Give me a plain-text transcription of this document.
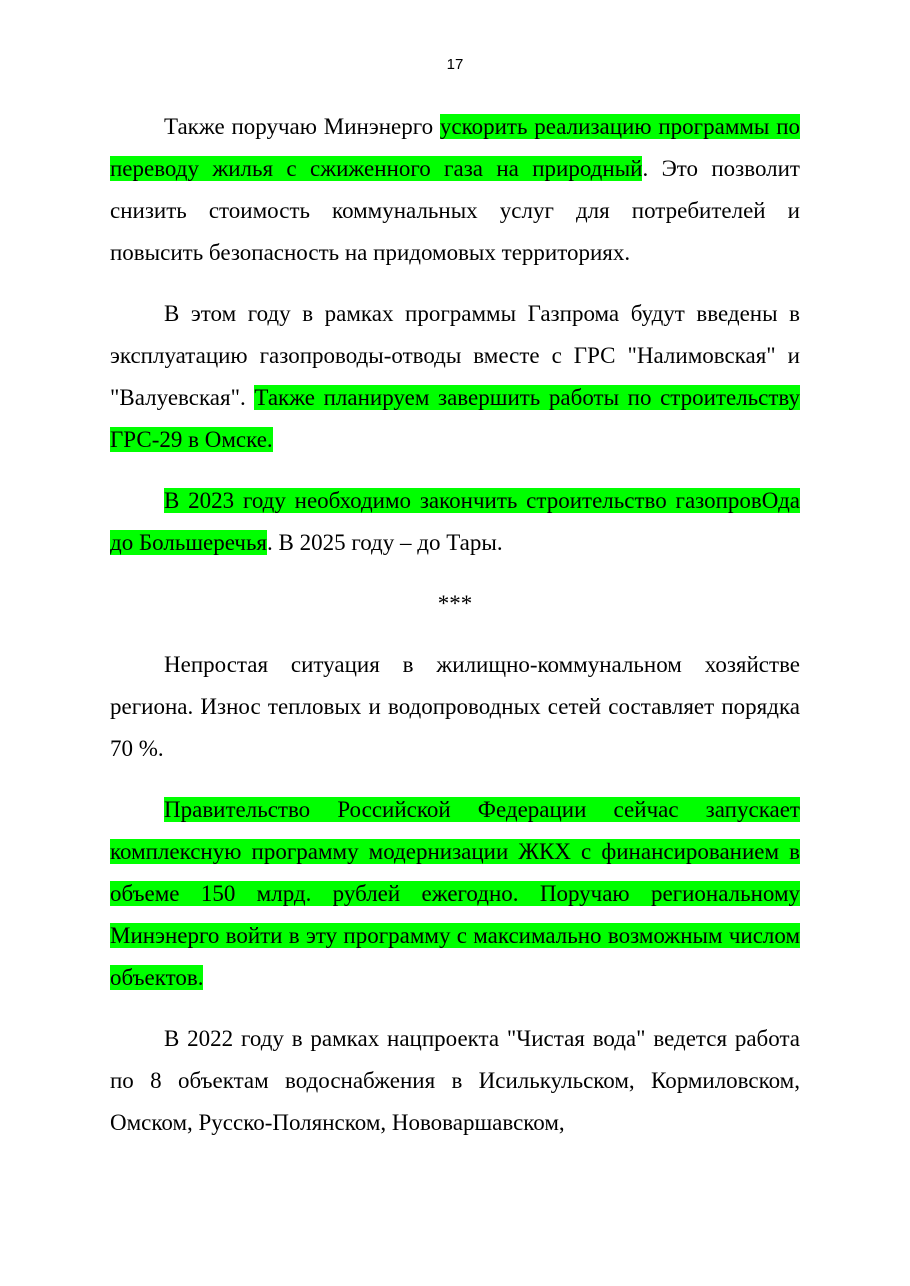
17

Также поручаю Минэнерго ускорить реализацию программы по переводу жилья с сжиженного газа на природный. Это позволит снизить стоимость коммунальных услуг для потребителей и повысить безопасность на придомовых территориях.

В этом году в рамках программы Газпрома будут введены в эксплуатацию газопроводы-отводы вместе с ГРС "Налимовская" и "Валуевская". Также планируем завершить работы по строительству ГРС-29 в Омске.

В 2023 году необходимо закончить строительство газопровОда до Большеречья. В 2025 году – до Тары.

***

Непростая ситуация в жилищно-коммунальном хозяйстве региона. Износ тепловых и водопроводных сетей составляет порядка 70 %.

Правительство Российской Федерации сейчас запускает комплексную программу модернизации ЖКХ с финансированием в объеме 150 млрд. рублей ежегодно. Поручаю региональному Минэнерго войти в эту программу с максимально возможным числом объектов.

В 2022 году в рамках нацпроекта "Чистая вода" ведется работа по 8 объектам водоснабжения в Исилькульском, Кормиловском, Омском, Русско-Полянском, Нововаршавском,
